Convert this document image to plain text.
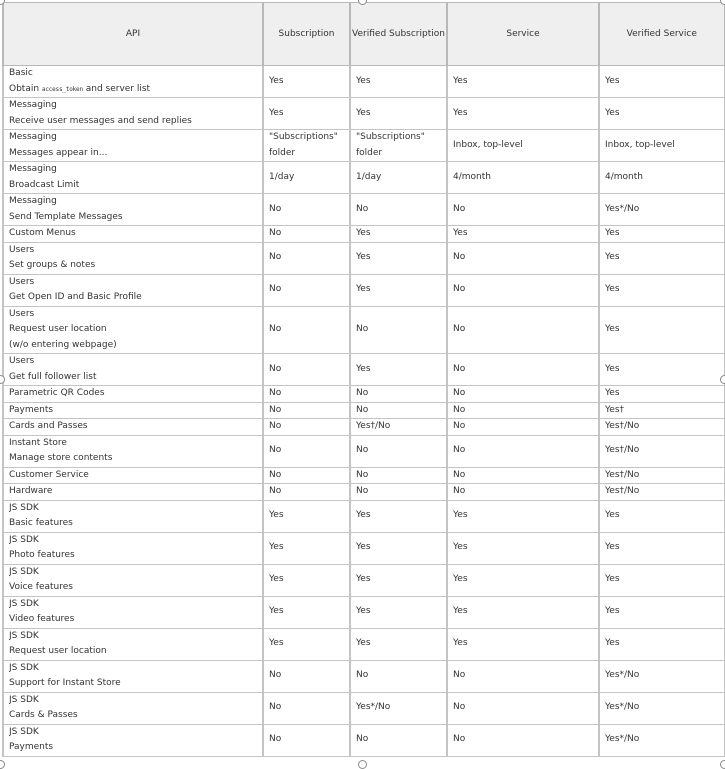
API	Subscription	Verified Subscription	Service	Verified Service

Basic
Obtain access_token and server list	Yes	Yes	Yes	Yes

Messaging
Receive user messages and send replies	Yes	Yes	Yes	Yes

Messaging
Messages appear in...	"Subscriptions" folder	"Subscriptions" folder	Inbox, top-level	Inbox, top-level

Messaging
Broadcast Limit	1/day	1/day	4/month	4/month

Messaging
Send Template Messages	No	No	No	Yes*/No

Custom Menus	No	Yes	Yes	Yes

Users
Set groups & notes	No	Yes	No	Yes

Users
Get Open ID and Basic Profile	No	Yes	No	Yes

Users
Request user location
(w/o entering webpage)	No	No	No	Yes

Users
Get full follower list	No	Yes	No	Yes

Parametric QR Codes	No	No	No	Yes

Payments	No	No	No	Yes†

Cards and Passes	No	Yes†/No	No	Yes†/No

Instant Store
Manage store contents	No	No	No	Yes†/No

Customer Service	No	No	No	Yes†/No

Hardware	No	No	No	Yes†/No

JS SDK
Basic features	Yes	Yes	Yes	Yes

JS SDK
Photo features	Yes	Yes	Yes	Yes

JS SDK
Voice features	Yes	Yes	Yes	Yes

JS SDK
Video features	Yes	Yes	Yes	Yes

JS SDK
Request user location	Yes	Yes	Yes	Yes

JS SDK
Support for Instant Store	No	No	No	Yes*/No

JS SDK
Cards & Passes	No	Yes*/No	No	Yes*/No

JS SDK
Payments	No	No	No	Yes*/No
